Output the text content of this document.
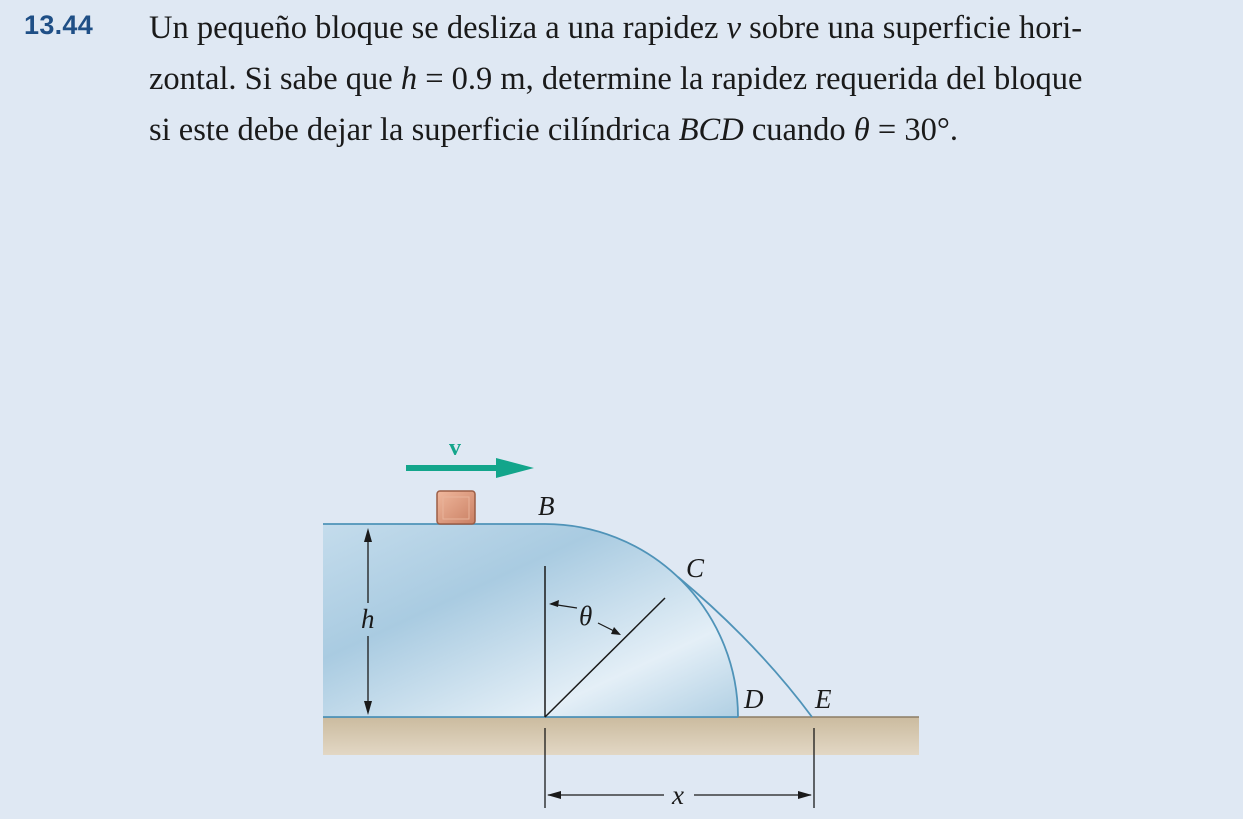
13.44 Un pequeño bloque se desliza a una rapidez v sobre una superficie hori-
zontal. Si sabe que h = 0.9 m, determine la rapidez requerida del bloque
si este debe dejar la superficie cilíndrica BCD cuando θ = 30°.
v
θ
B
C
D E
h
x
